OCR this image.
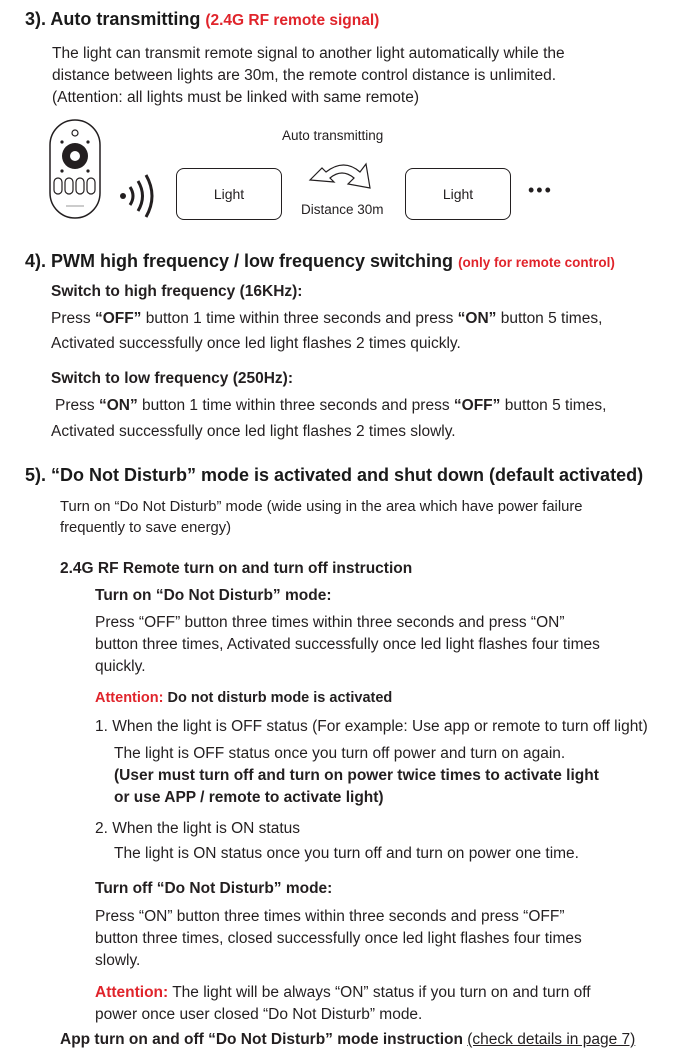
3). Auto transmitting (2.4G RF remote signal)
The light can transmit remote signal to another light automatically while the
distance between lights are 30m, the remote control distance is unlimited.
(Attention: all lights must be linked with same remote)
Light
Auto transmitting
Distance 30m
Light	•••
4). PWM high frequency / low frequency switching (only for remote control)
Switch to high frequency (16KHz):
Press “OFF” button 1 time within three seconds and press “ON” button 5 times,
Activated successfully once led light flashes 2 times quickly.
Switch to low frequency (250Hz):
Press “ON” button 1 time within three seconds and press “OFF” button 5 times,
Activated successfully once led light flashes 2 times slowly.
5). “Do Not Disturb” mode is activated and shut down (default activated)
Turn on “Do Not Disturb” mode (wide using in the area which have power failure
frequently to save energy)
2.4G RF Remote turn on and turn off instruction
Turn on “Do Not Disturb” mode:
Press “OFF” button three times within three seconds and press “ON”
button three times, Activated successfully once led light flashes four times
quickly.
Attention: Do not disturb mode is activated
1. When the light is OFF status (For example: Use app or remote to turn off light)
The light is OFF status once you turn off power and turn on again.
(User must turn off and turn on power twice times to activate light
or use APP / remote to activate light)
2. When the light is ON status
The light is ON status once you turn off and turn on power one time.
Turn off “Do Not Disturb” mode:
Press “ON” button three times within three seconds and press “OFF”
button three times, closed successfully once led light flashes four times
slowly.
Attention: The light will be always “ON” status if you turn on and turn off
power once user closed “Do Not Disturb” mode.
App turn on and off “Do Not Disturb” mode instruction (check details in page 7)
